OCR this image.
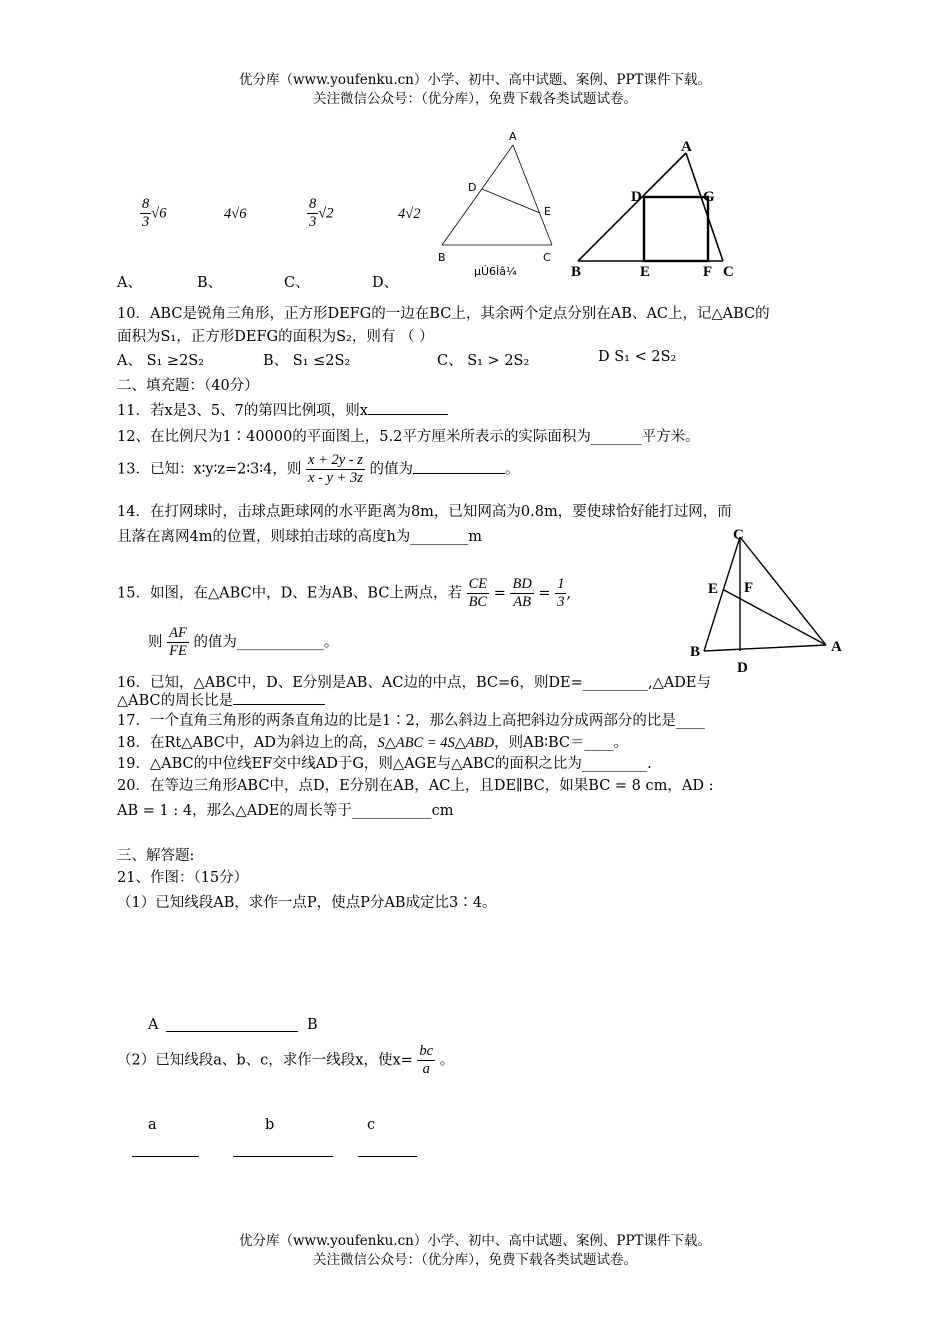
优分库（www.youfenku.cn）小学、初中、高中试题、案例、PPT课件下载。
关注微信公众号：（优分库），免费下载各类试题试卷。
$\frac{8}{3} √6$	4√6	$\frac{8}{3} √2$	4√2
A、	B、	C、	D、
A
D
E
B	C
µÚ6Ìâ¼
A
D	G
B	E	F C
10．ABC是锐角三角形，正方形DEFG的一边在BC上，其余两个定点分别在AB、AC上，记△ABC的
面积为S₁，正方形DEFG的面积为S₂，则有 （ ）
A、 S₁ ≥2S₂	B、 S₁ ≤2S₂	C、 S₁ > 2S₂	D S₁ < 2S₂
二、填充题：（40分）
11．若x是3、5、7的第四比例项，则x
12、在比例尺为1∶40000的平面图上，5.2平方厘米所表示的实际面积为_______平方米。
13．已知：x∶y∶z=2∶3∶4，则 $\frac{x + 2y - z}{x - y + 3z}$ 的值为	。
14．在打网球时，击球点距球网的水平距离为8m，已知网高为0.8m，要使球恰好能打过网，而
且落在离网4m的位置，则球拍击球的高度h为________m
15．如图，在△ABC中，D、E为AB、BC上两点，若 $\frac{CE}{BC} = \frac{BD}{AB} = \frac{1}{3}$ ,
则 $\frac{AF}{FE}$ 的值为____________。
C
E F
B	A
D
16．已知，△ABC中，D、E分别是AB、AC边的中点，BC=6，则DE=_________,△ADE与
△ABC的周长比是
17．一个直角三角形的两条直角边的比是1∶2，那么斜边上高把斜边分成两部分的比是____
18．在Rt△ABC中，AD为斜边上的高，S△ABC = 4S△ABD，则AB∶BC＝____。
19．△ABC的中位线EF交中线AD于G，则△AGE与△ABC的面积之比为_________.
20．在等边三角形ABC中，点D，E分别在AB，AC上，且DE∥BC，如果BC = 8 cm，AD :
AB = 1 : 4，那么△ADE的周长等于___________cm
三、解答题:
21、作图：（15分）
（1）已知线段AB，求作一点P，使点P分AB成定比3∶4。
A	B
（2）已知线段a、b、c，求作一线段x，使$x= \frac{bc}{a}$ 。
a	b	c
优分库（www.youfenku.cn）小学、初中、高中试题、案例、PPT课件下载。
关注微信公众号：（优分库），免费下载各类试题试卷。
